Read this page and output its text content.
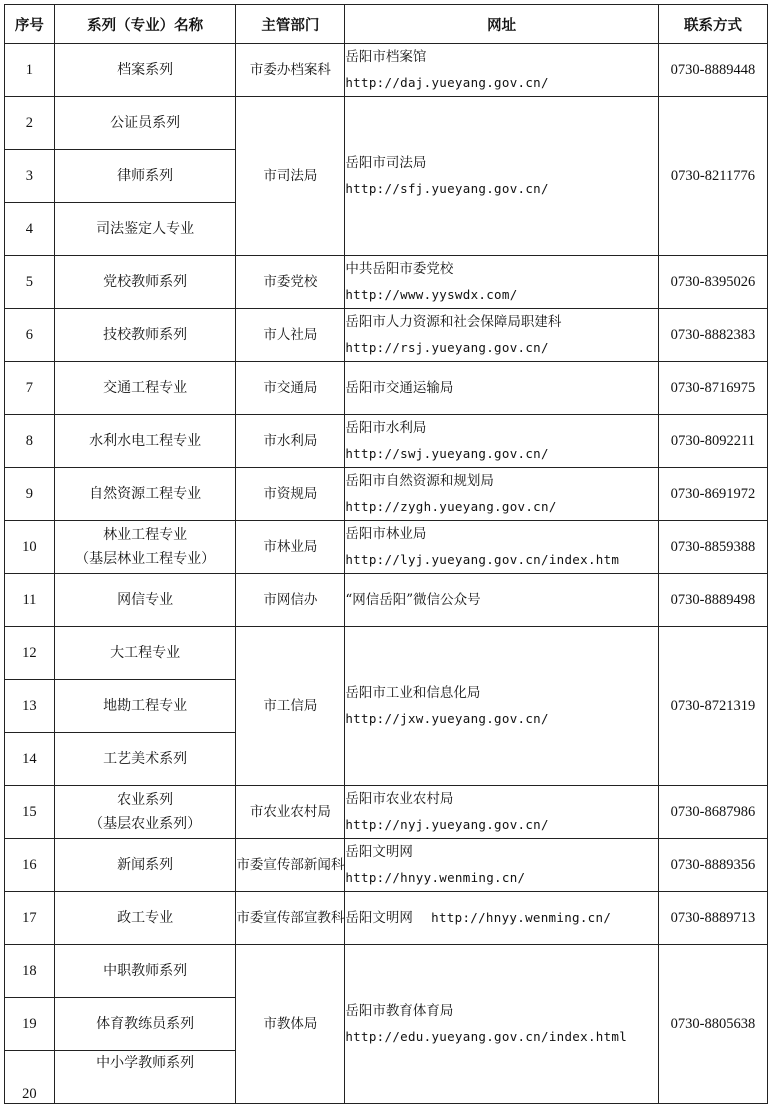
序号	系列（专业）名称	主管部门	网址	联系方式
1	档案系列	市委办档案科	岳阳市档案馆
http://daj.yueyang.gov.cn/	0730-8889448
2	公证员系列	市司法局	岳阳市司法局
http://sfj.yueyang.gov.cn/	0730-8211776
3	律师系列			
4	司法鉴定人专业			
5	党校教师系列	市委党校	中共岳阳市委党校
http://www.yyswdx.com/	0730-8395026
6	技校教师系列	市人社局	岳阳市人力资源和社会保障局职建科
http://rsj.yueyang.gov.cn/	0730-8882383
7	交通工程专业	市交通局	岳阳市交通运输局	0730-8716975
8	水利水电工程专业	市水利局	岳阳市水利局
http://swj.yueyang.gov.cn/	0730-8092211
9	自然资源工程专业	市资规局	岳阳市自然资源和规划局
http://zygh.yueyang.gov.cn/	0730-8691972
10	林业工程专业
（基层林业工程专业）	市林业局	岳阳市林业局
http://lyj.yueyang.gov.cn/index.htm	0730-8859388
11	网信专业	市网信办	“网信岳阳”微信公众号	0730-8889498
12	大工程专业	市工信局	岳阳市工业和信息化局
http://jxw.yueyang.gov.cn/	0730-8721319
13	地勘工程专业			
14	工艺美术系列			
15	农业系列
（基层农业系列）	市农业农村局	岳阳市农业农村局
http://nyj.yueyang.gov.cn/	0730-8687986
16	新闻系列	市委宣传部新闻科	岳阳文明网
http://hnyy.wenming.cn/	0730-8889356
17	政工专业	市委宣传部宣教科	岳阳文明网 http://hnyy.wenming.cn/	0730-8889713
18	中职教师系列	市教体局	岳阳市教育体育局
http://edu.yueyang.gov.cn/index.html	0730-8805638
19	体育教练员系列			
20	中小学教师系列			
